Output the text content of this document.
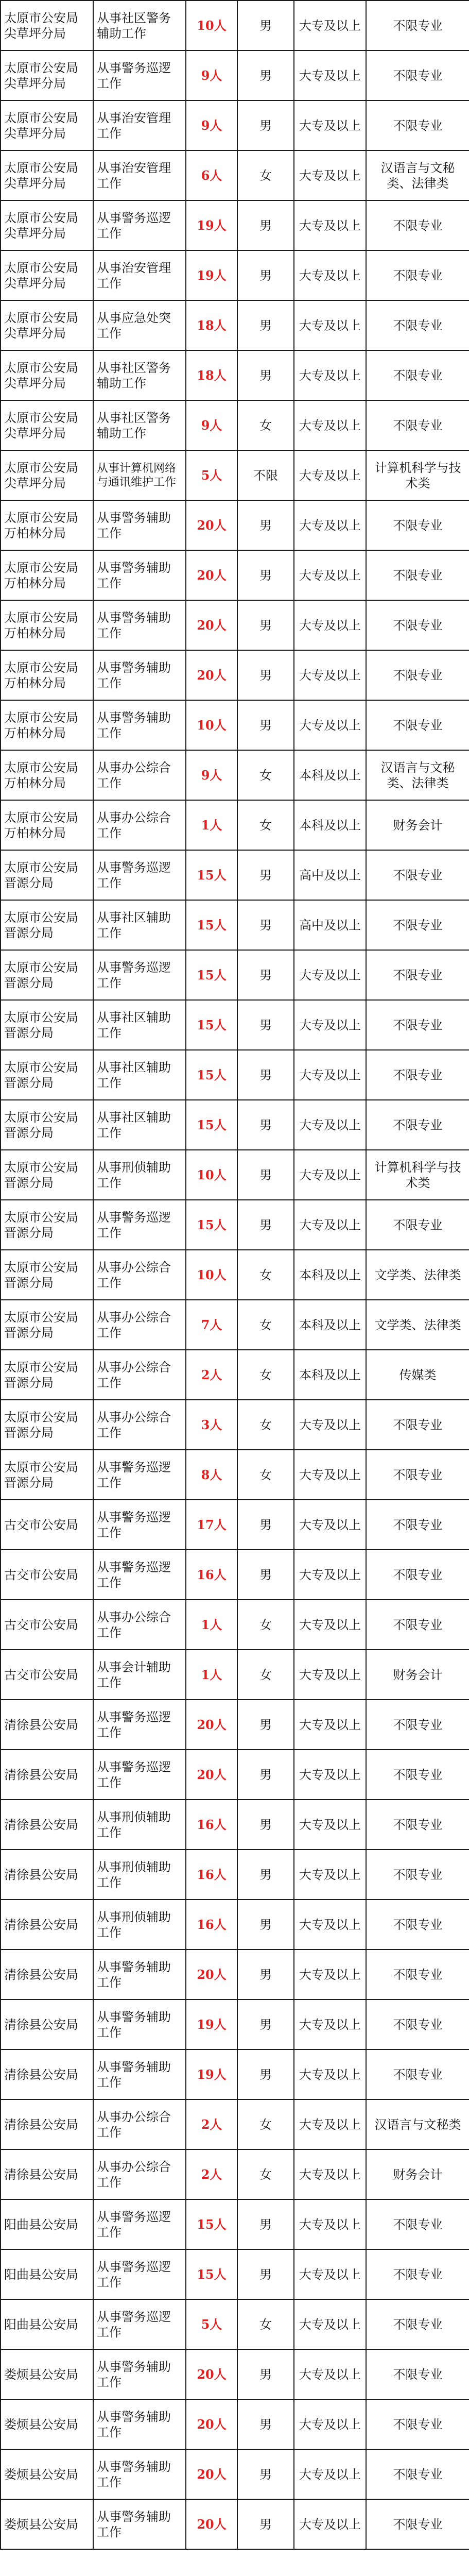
太原市公安局尖草坪分局	从事社区警务辅助工作	10人	男	大专及以上	不限专业
太原市公安局尖草坪分局	从事警务巡逻工作	9人	男	大专及以上	不限专业
太原市公安局尖草坪分局	从事治安管理工作	9人	男	大专及以上	不限专业
太原市公安局尖草坪分局	从事治安管理工作	6人	女	大专及以上	汉语言与文秘类、法律类
太原市公安局尖草坪分局	从事警务巡逻工作	19人	男	大专及以上	不限专业
太原市公安局尖草坪分局	从事治安管理工作	19人	男	大专及以上	不限专业
太原市公安局尖草坪分局	从事应急处突工作	18人	男	大专及以上	不限专业
太原市公安局尖草坪分局	从事社区警务辅助工作	18人	男	大专及以上	不限专业
太原市公安局尖草坪分局	从事社区警务辅助工作	9人	女	大专及以上	不限专业
太原市公安局尖草坪分局	从事计算机网络与通讯维护工作	5人	不限	大专及以上	计算机科学与技术类
太原市公安局万柏林分局	从事警务辅助工作	20人	男	大专及以上	不限专业
太原市公安局万柏林分局	从事警务辅助工作	20人	男	大专及以上	不限专业
太原市公安局万柏林分局	从事警务辅助工作	20人	男	大专及以上	不限专业
太原市公安局万柏林分局	从事警务辅助工作	20人	男	大专及以上	不限专业
太原市公安局万柏林分局	从事警务辅助工作	10人	男	大专及以上	不限专业
太原市公安局万柏林分局	从事办公综合工作	9人	女	本科及以上	汉语言与文秘类、法律类
太原市公安局万柏林分局	从事办公综合工作	1人	女	本科及以上	财务会计
太原市公安局晋源分局	从事警务巡逻工作	15人	男	高中及以上	不限专业
太原市公安局晋源分局	从事社区辅助工作	15人	男	高中及以上	不限专业
太原市公安局晋源分局	从事警务巡逻工作	15人	男	大专及以上	不限专业
太原市公安局晋源分局	从事社区辅助工作	15人	男	大专及以上	不限专业
太原市公安局晋源分局	从事社区辅助工作	15人	男	大专及以上	不限专业
太原市公安局晋源分局	从事社区辅助工作	15人	男	大专及以上	不限专业
太原市公安局晋源分局	从事刑侦辅助工作	10人	男	大专及以上	计算机科学与技术类
太原市公安局晋源分局	从事警务巡逻工作	15人	男	大专及以上	不限专业
太原市公安局晋源分局	从事办公综合工作	10人	女	本科及以上	文学类、法律类
太原市公安局晋源分局	从事办公综合工作	7人	女	本科及以上	文学类、法律类
太原市公安局晋源分局	从事办公综合工作	2人	女	本科及以上	传媒类
太原市公安局晋源分局	从事办公综合工作	3人	女	大专及以上	不限专业
太原市公安局晋源分局	从事警务巡逻工作	8人	女	大专及以上	不限专业
古交市公安局	从事警务巡逻工作	17人	男	大专及以上	不限专业
古交市公安局	从事警务巡逻工作	16人	男	大专及以上	不限专业
古交市公安局	从事办公综合工作	1人	女	大专及以上	不限专业
古交市公安局	从事会计辅助工作	1人	女	大专及以上	财务会计
清徐县公安局	从事警务巡逻工作	20人	男	大专及以上	不限专业
清徐县公安局	从事警务巡逻工作	20人	男	大专及以上	不限专业
清徐县公安局	从事刑侦辅助工作	16人	男	大专及以上	不限专业
清徐县公安局	从事刑侦辅助工作	16人	男	大专及以上	不限专业
清徐县公安局	从事刑侦辅助工作	16人	男	大专及以上	不限专业
清徐县公安局	从事警务辅助工作	20人	男	大专及以上	不限专业
清徐县公安局	从事警务辅助工作	19人	男	大专及以上	不限专业
清徐县公安局	从事警务辅助工作	19人	男	大专及以上	不限专业
清徐县公安局	从事办公综合工作	2人	女	大专及以上	汉语言与文秘类
清徐县公安局	从事办公综合工作	2人	女	大专及以上	财务会计
阳曲县公安局	从事警务巡逻工作	15人	男	大专及以上	不限专业
阳曲县公安局	从事警务巡逻工作	15人	男	大专及以上	不限专业
阳曲县公安局	从事警务巡逻工作	5人	女	大专及以上	不限专业
娄烦县公安局	从事警务辅助工作	20人	男	大专及以上	不限专业
娄烦县公安局	从事警务辅助工作	20人	男	大专及以上	不限专业
娄烦县公安局	从事警务辅助工作	20人	男	大专及以上	不限专业
娄烦县公安局	从事警务辅助工作	20人	男	大专及以上	不限专业
